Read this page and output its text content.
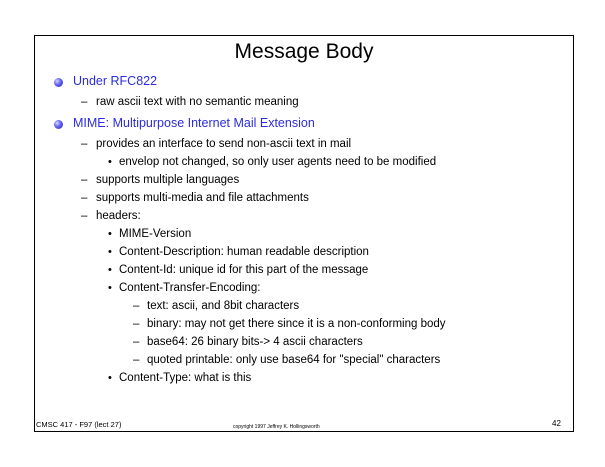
Message Body
Under RFC822
– raw ascii text with no semantic meaning
MIME: Multipurpose Internet Mail Extension
– provides an interface to send non-ascii text in mail
• envelop not changed, so only user agents need to be modified
– supports multiple languages
– supports multi-media and file attachments
– headers:
• MIME-Version
• Content-Description: human readable description
• Content-Id: unique id for this part of the message
• Content-Transfer-Encoding:
– text: ascii, and 8bit characters
– binary: may not get there since it is a non-conforming body
– base64: 26 binary bits-> 4 ascii characters
– quoted printable: only use base64 for "special" characters
• Content-Type: what is this
CMSC 417 - F97 (lect 27)	copyright 1997 Jeffrey K. Hollingsworth	42
